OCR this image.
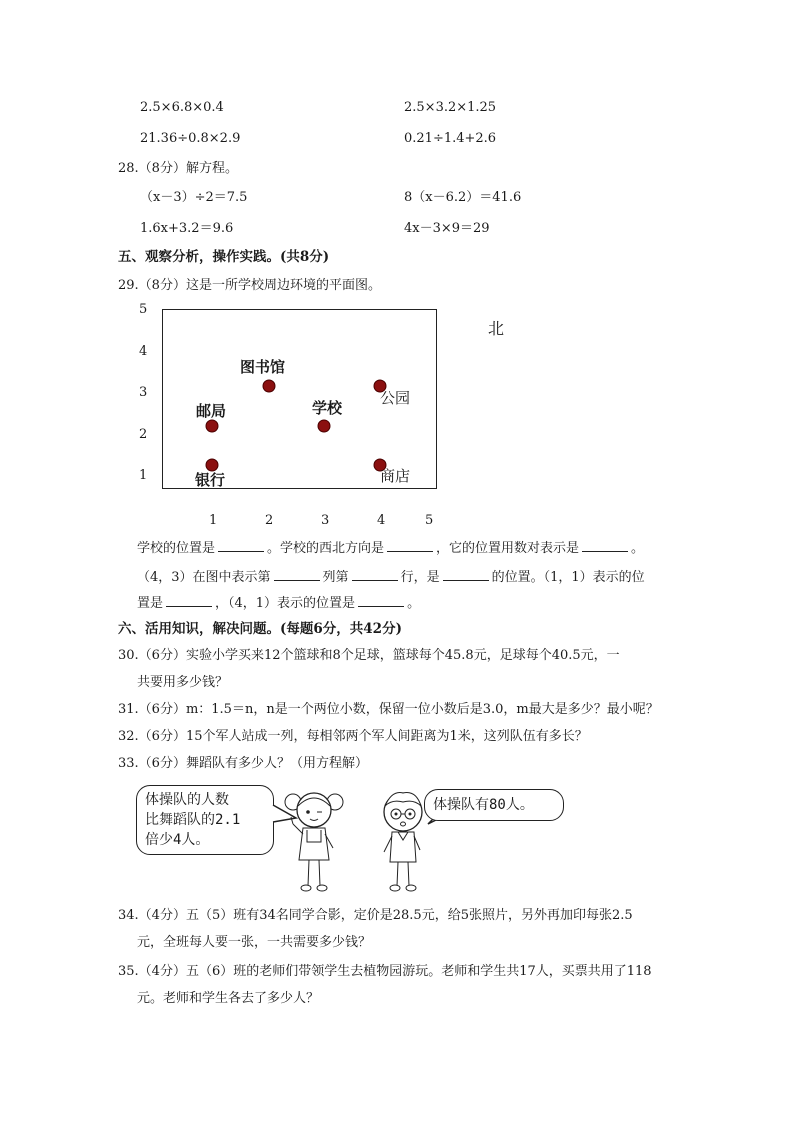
2.5×6.8×0.4	2.5×3.2×1.25
21.36÷0.8×2.9	0.21÷1.4+2.6
28.（8分）解方程。
（x－3）÷2＝7.5	8（x－6.2）＝41.6
1.6x+3.2＝9.6	4x－3×9＝29
五、观察分析，操作实践。(共8分)
29.（8分）这是一所学校周边环境的平面图。
5
4
3
2
1
图书馆
邮局	学校
公园
银行	商店
1	2	3	4	5
北
学校的位置是	。学校的西北方向是	，它的位置用数对表示是	。
（4，3）在图中表示第	列第	行，是	的位置。（1，1）表示的位
置是	，（4，1）表示的位置是	。
六、活用知识，解决问题。(每题6分，共42分)
30.（6分）实验小学买来12个篮球和8个足球，篮球每个45.8元，足球每个40.5元，一
共要用多少钱？
31.（6分）m：1.5＝n，n是一个两位小数，保留一位小数后是3.0，m最大是多少？最小呢？
32.（6分）15个军人站成一列，每相邻两个军人间距离为1米，这列队伍有多长？
33.（6分）舞蹈队有多少人？（用方程解）
体操队的人数
比舞蹈队的2.1
倍少4人。
体操队有80人。
34.（4分）五（5）班有34名同学合影，定价是28.5元，给5张照片，另外再加印每张2.5
元，全班每人要一张，一共需要多少钱？
35.（4分）五（6）班的老师们带领学生去植物园游玩。老师和学生共17人，买票共用了118
元。老师和学生各去了多少人？
